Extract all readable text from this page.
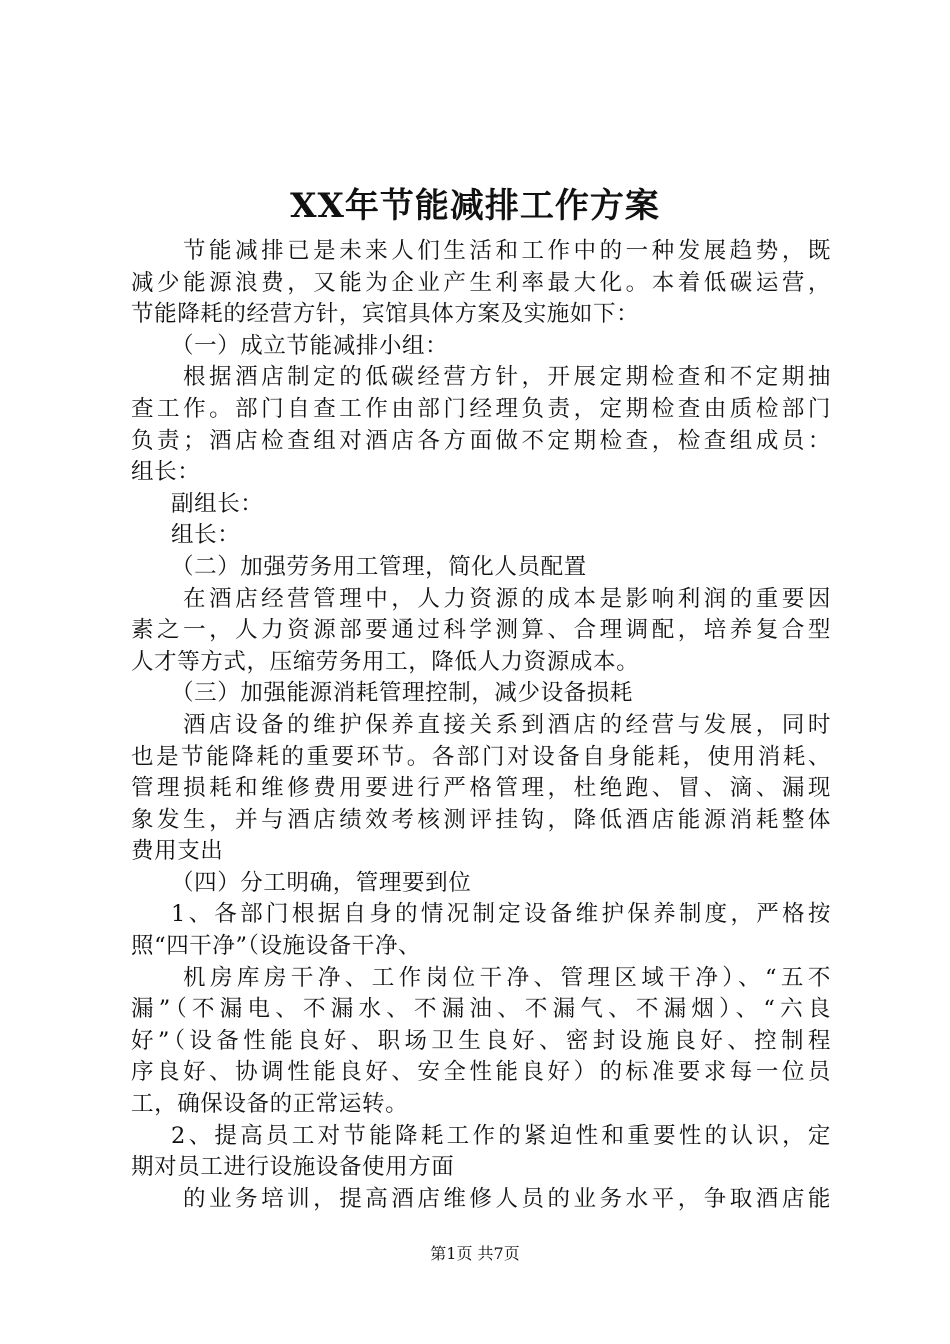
XX年节能减排工作方案
节能减排已是未来人们生活和工作中的一种发展趋势，既
减少能源浪费，又能为企业产生利率最大化。本着低碳运营，
节能降耗的经营方针，宾馆具体方案及实施如下：
（一）成立节能减排小组：
根据酒店制定的低碳经营方针，开展定期检查和不定期抽
查工作。部门自查工作由部门经理负责，定期检查由质检部门
负责；酒店检查组对酒店各方面做不定期检查，检查组成员：
组长：
副组长：
组长：
（二）加强劳务用工管理，简化人员配置
在酒店经营管理中，人力资源的成本是影响利润的重要因
素之一，人力资源部要通过科学测算、合理调配，培养复合型
人才等方式，压缩劳务用工，降低人力资源成本。
（三）加强能源消耗管理控制，减少设备损耗
酒店设备的维护保养直接关系到酒店的经营与发展，同时
也是节能降耗的重要环节。各部门对设备自身能耗，使用消耗、
管理损耗和维修费用要进行严格管理，杜绝跑、冒、滴、漏现
象发生，并与酒店绩效考核测评挂钩，降低酒店能源消耗整体
费用支出
（四）分工明确，管理要到位
1、各部门根据自身的情况制定设备维护保养制度，严格按
照“四干净”（设施设备干净、
机房库房干净、工作岗位干净、管理区域干净）、“五不
漏”（不漏电、不漏水、不漏油、不漏气、不漏烟）、“六良
好”（设备性能良好、职场卫生良好、密封设施良好、控制程
序良好、协调性能良好、安全性能良好）的标准要求每一位员
工，确保设备的正常运转。
2、提高员工对节能降耗工作的紧迫性和重要性的认识，定
期对员工进行设施设备使用方面
的业务培训，提高酒店维修人员的业务水平，争取酒店能
第1页 共7页
